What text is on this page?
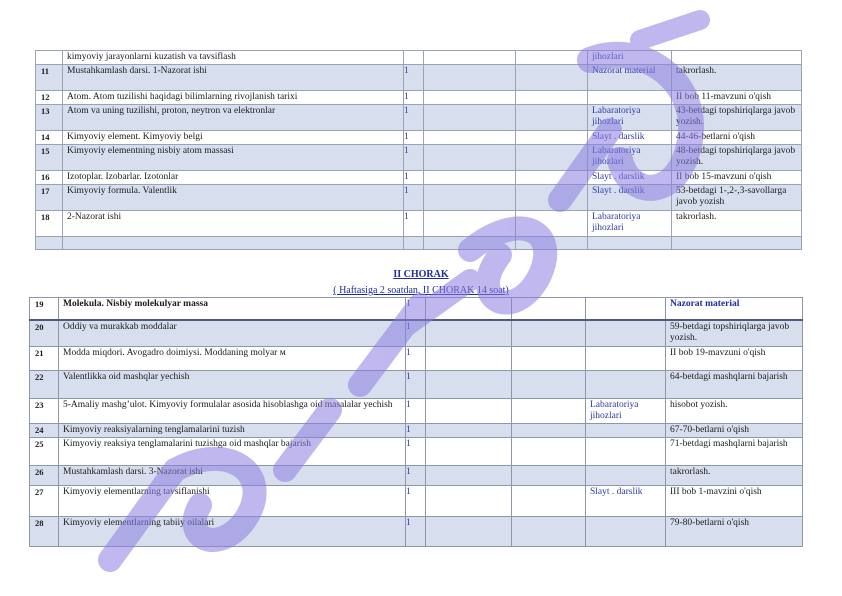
	kimyoviy jarayonlarni kuzatish va tavsiflash				jihozlari	
11	Mustahkamlash darsi. 1-Nazorat ishi	1			Nazorat material	takrorlash.
12	Atom. Atom tuzilishi haqidagi bilimlarning rivojlanish tarixi	1				II bob 11-mavzuni o'qish
13	Atom va uning tuzilishi, proton, neytron va elektronlar	1			Labaratoriya jihozlari	43-betdagi topshiriqlarga javob yozish.
14	Kimyoviy element. Kimyoviy belgi	1			Slayt . darslik	44-46-betlarni o'qish
15	Kimyoviy elementning nisbiy atom massasi	1			Labaratoriya jihozlari	48-betdagi topshiriqlarga javob yozish.
16	Izotoplar. Izobarlar. Izotonlar	1			Slayt . darslik	II bob 15-mavzuni o'qish
17	Kimyoviy formula. Valentlik	1			Slayt . darslik	53-betdagi 1-,2-,3-savollarga javob yozish
18	2-Nazorat ishi	1			Labaratoriya jihozlari	takrorlash.

II CHORAK
( Haftasiga 2 soatdan, II CHORAK 14 soat)
19	Molekula. Nisbiy molekulyar massa	1				Nazorat material
20	Oddiy va murakkab moddalar	1				59-betdagi topshiriqlarga javob yozish.
21	Modda miqdori. Avogadro doimiysi. Moddaning molyar м	1				II bob 19-mavzuni o'qish
22	Valentlikka oid mashqlar yechish	1				64-betdagi mashqlarni bajarish
23	5-Amaliy mashg’ulot. Kimyoviy formulalar asosida hisoblashga oid masalalar yechish	1			Labaratoriya jihozlari	hisobot yozish.
24	Kimyoviy reaksiyalarning tenglamalarini tuzish	1				67-70-betlarni o'qish
25	Kimyoviy reaksiya tenglamalarini tuzishga oid mashqlar bajarish	1				71-betdagi mashqlarni bajarish
26	Mustahkamlash darsi. 3-Nazorat ishi	1				takrorlash.
27	Kimyoviy elementlarning tavsiflanishi	1			Slayt . darslik	III bob 1-mavzini o'qish
28	Kimyoviy elementlarning tabiiy oilalari	1				79-80-betlarni o'qish
